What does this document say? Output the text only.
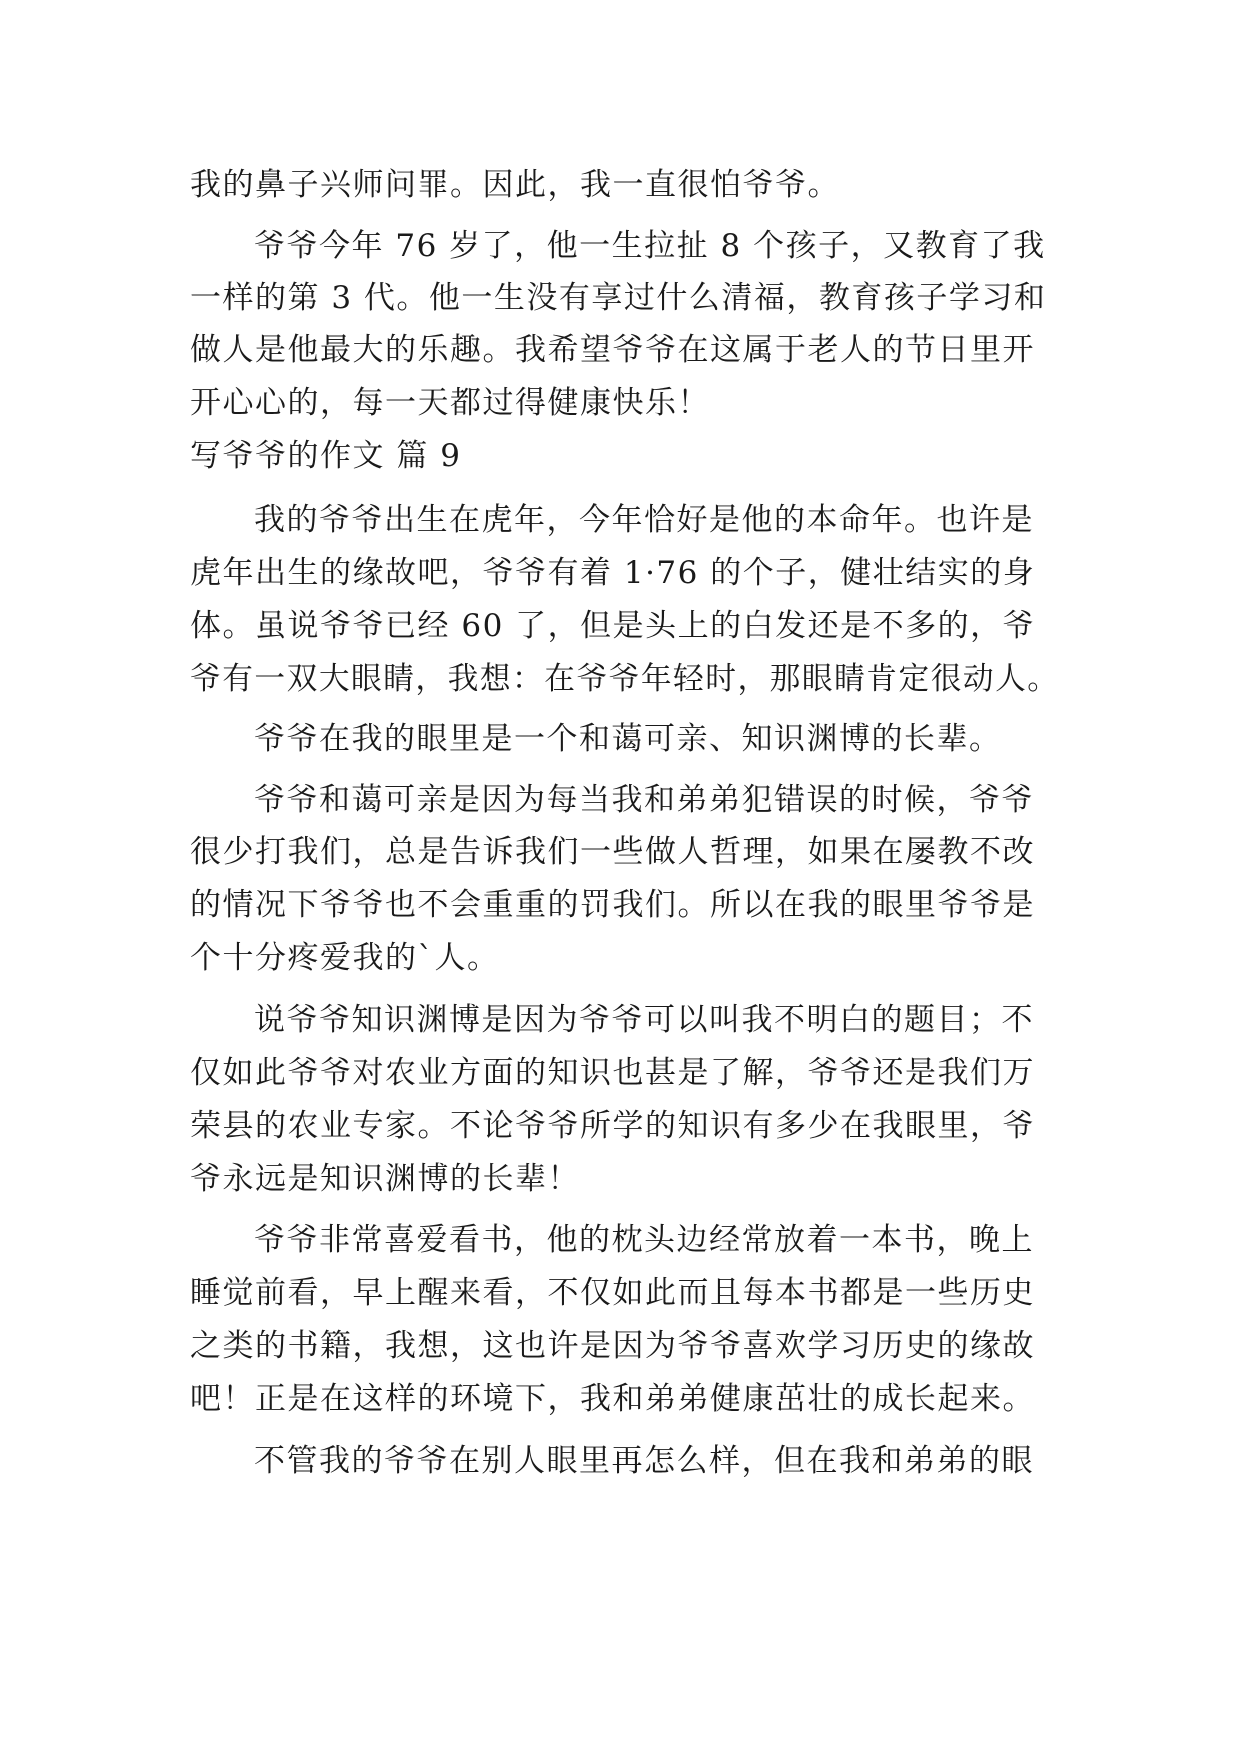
我的鼻子兴师问罪。因此，我一直很怕爷爷。
爷爷今年 76 岁了，他一生拉扯 8 个孩子，又教育了我
一样的第 3 代。他一生没有享过什么清福，教育孩子学习和
做人是他最大的乐趣。我希望爷爷在这属于老人的节日里开
开心心的，每一天都过得健康快乐！
写爷爷的作文 篇 9
我的爷爷出生在虎年，今年恰好是他的本命年。也许是
虎年出生的缘故吧，爷爷有着 1·76 的个子，健壮结实的身
体。虽说爷爷已经 60 了，但是头上的白发还是不多的，爷
爷有一双大眼睛，我想：在爷爷年轻时，那眼睛肯定很动人。
爷爷在我的眼里是一个和蔼可亲、知识渊博的长辈。
爷爷和蔼可亲是因为每当我和弟弟犯错误的时候，爷爷
很少打我们，总是告诉我们一些做人哲理，如果在屡教不改
的情况下爷爷也不会重重的罚我们。所以在我的眼里爷爷是
个十分疼爱我的`人。
说爷爷知识渊博是因为爷爷可以叫我不明白的题目；不
仅如此爷爷对农业方面的知识也甚是了解，爷爷还是我们万
荣县的农业专家。不论爷爷所学的知识有多少在我眼里，爷
爷永远是知识渊博的长辈！
爷爷非常喜爱看书，他的枕头边经常放着一本书，晚上
睡觉前看，早上醒来看，不仅如此而且每本书都是一些历史
之类的书籍，我想，这也许是因为爷爷喜欢学习历史的缘故
吧！正是在这样的环境下，我和弟弟健康茁壮的成长起来。
不管我的爷爷在别人眼里再怎么样，但在我和弟弟的眼
